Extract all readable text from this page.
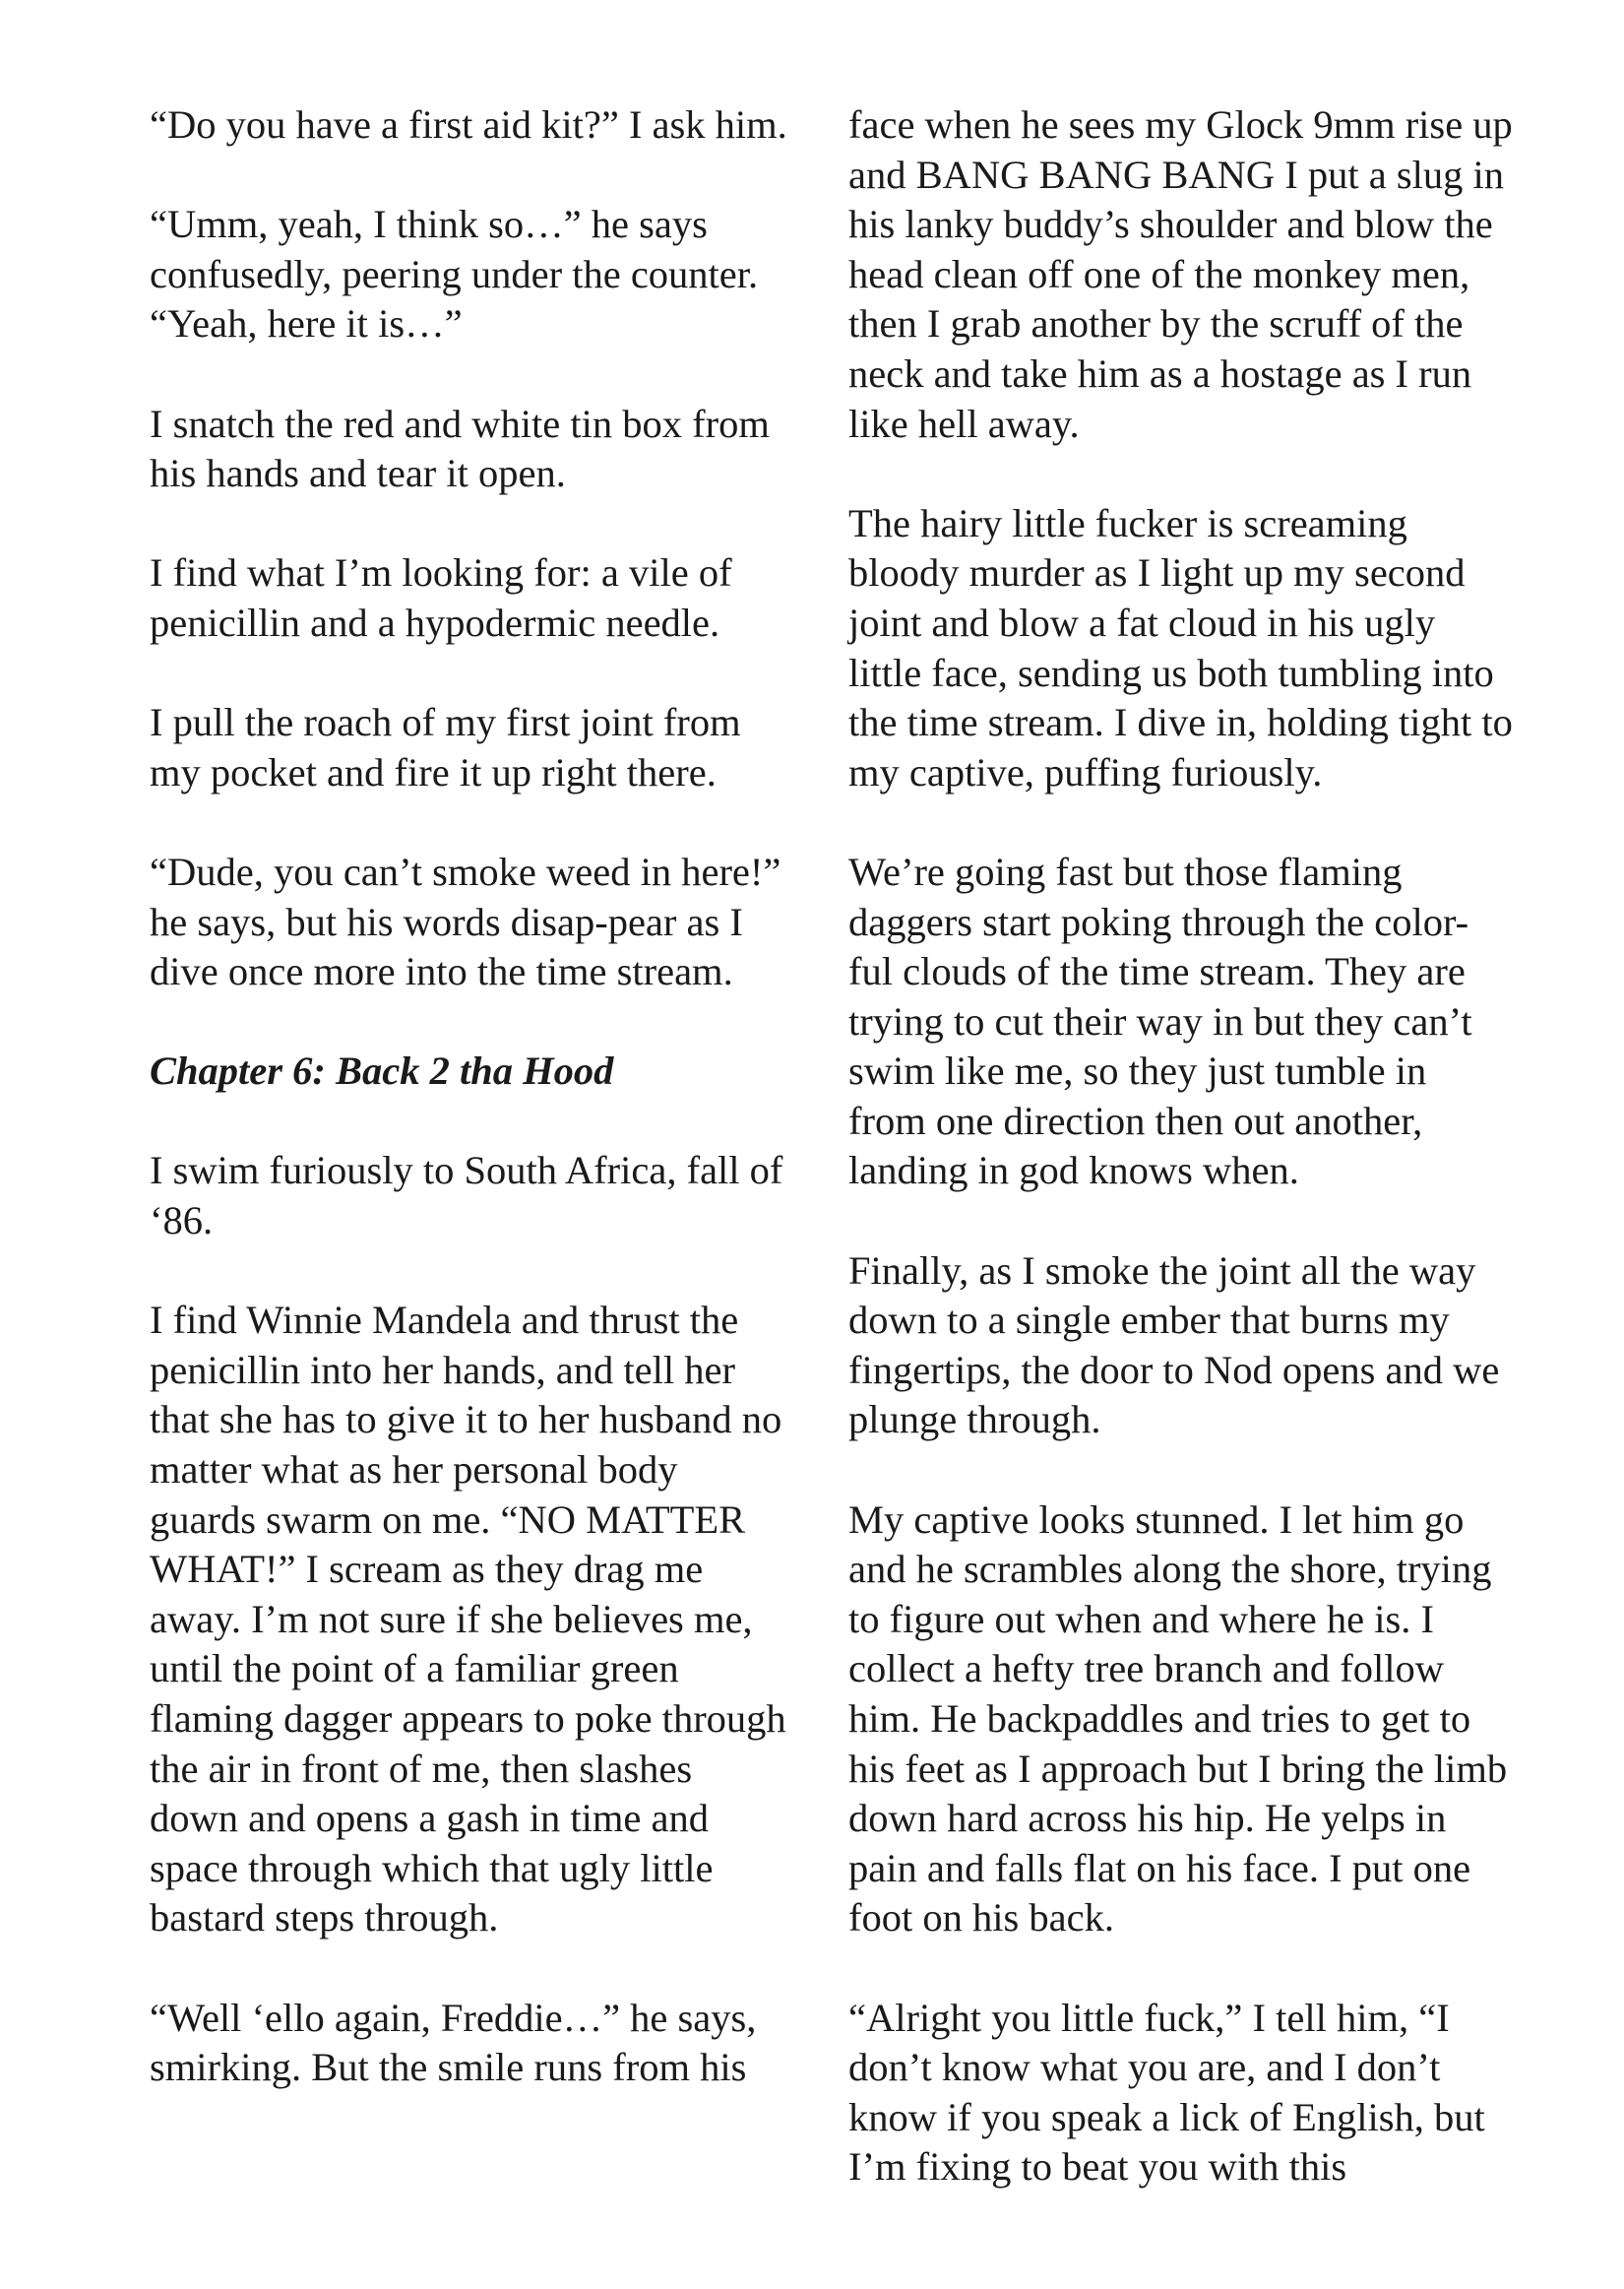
“Do you have a first aid kit?” I ask him.

“Umm, yeah, I think so…” he says confusedly, peering under the counter. “Yeah, here it is…”

I snatch the red and white tin box from his hands and tear it open.

I find what I’m looking for: a vile of penicillin and a hypodermic needle.

I pull the roach of my first joint from my pocket and fire it up right there.

“Dude, you can’t smoke weed in here!” he says, but his words disap-pear as I dive once more into the time stream.

Chapter 6: Back 2 tha Hood

I swim furiously to South Africa, fall of ‘86.

I find Winnie Mandela and thrust the penicillin into her hands, and tell her that she has to give it to her husband no matter what as her personal body guards swarm on me. “NO MATTER WHAT!” I scream as they drag me away. I’m not sure if she believes me, until the point of a familiar green flaming dagger appears to poke through the air in front of me, then slashes down and opens a gash in time and space through which that ugly little bastard steps through.

“Well ‘ello again, Freddie…” he says, smirking. But the smile runs from his

face when he sees my Glock 9mm rise up and BANG BANG BANG I put a slug in his lanky buddy’s shoulder and blow the head clean off one of the monkey men, then I grab another by the scruff of the neck and take him as a hostage as I run like hell away.

The hairy little fucker is screaming bloody murder as I light up my second joint and blow a fat cloud in his ugly little face, sending us both tumbling into the time stream. I dive in, holding tight to my captive, puffing furiously.

We’re going fast but those flaming daggers start poking through the color-ful clouds of the time stream. They are trying to cut their way in but they can’t swim like me, so they just tumble in from one direction then out another, landing in god knows when.

Finally, as I smoke the joint all the way down to a single ember that burns my fingertips, the door to Nod opens and we plunge through.

My captive looks stunned. I let him go and he scrambles along the shore, trying to figure out when and where he is. I collect a hefty tree branch and follow him. He backpaddles and tries to get to his feet as I approach but I bring the limb down hard across his hip. He yelps in pain and falls flat on his face. I put one foot on his back.

“Alright you little fuck,” I tell him, “I don’t know what you are, and I don’t know if you speak a lick of English, but I’m fixing to beat you with this
